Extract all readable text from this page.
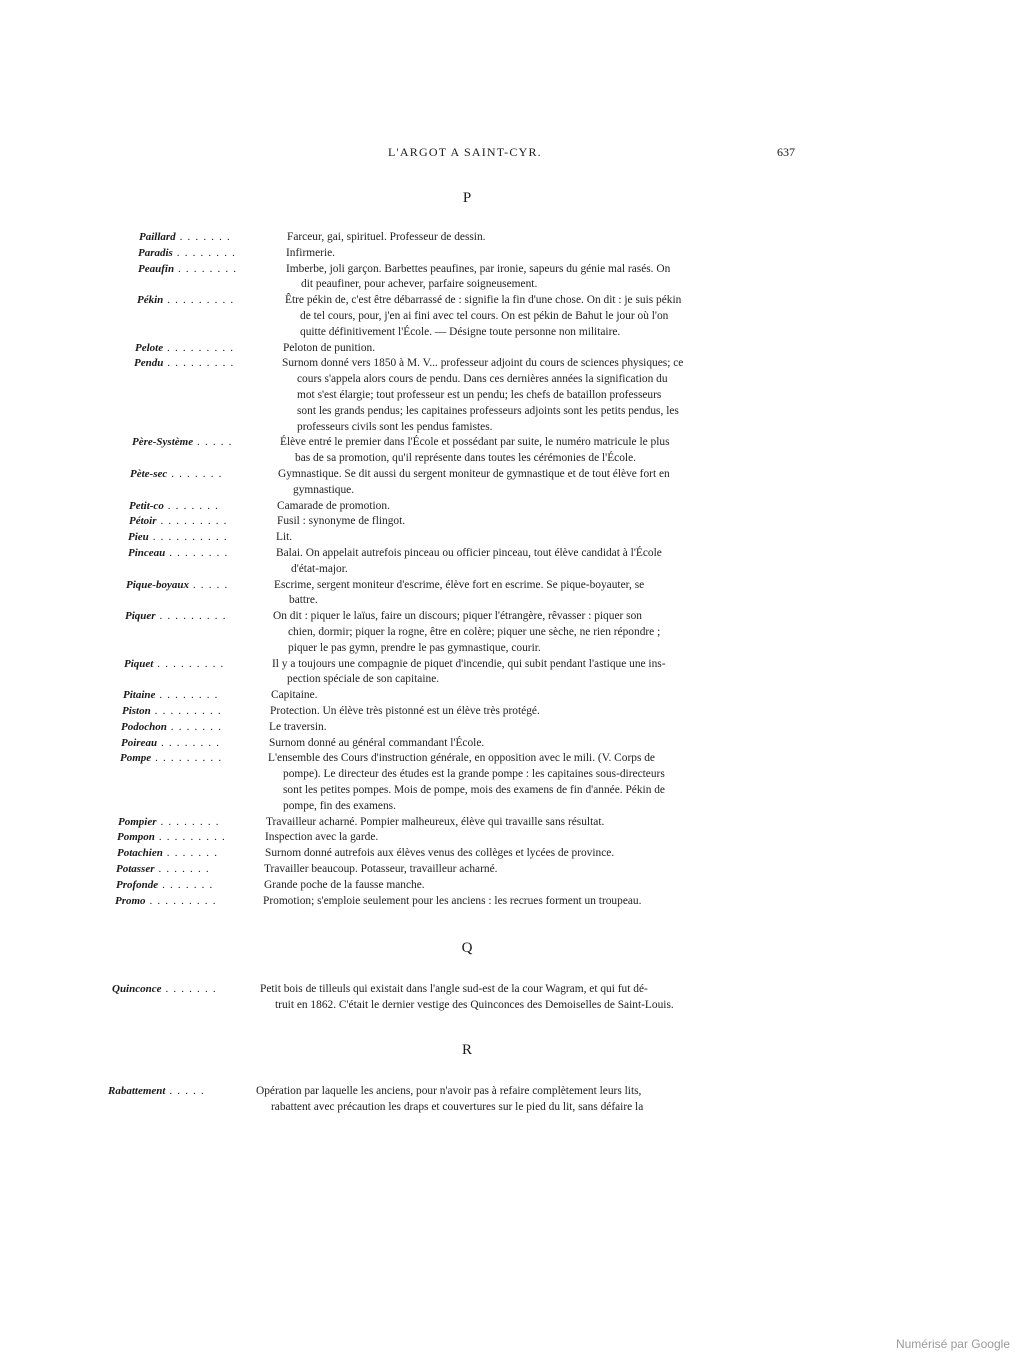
L'ARGOT A SAINT-CYR.	637
P
Paillard . . . . . . .	Farceur, gai, spirituel. Professeur de dessin.
Paradis . . . . . . . .	Infirmerie.
Peaufin . . . . . . . .	Imberbe, joli garçon. Barbettes peaufines, par ironie, sapeurs du génie mal rasés. On
dit peaufiner, pour achever, parfaire soigneusement.
Pékin . . . . . . . . .	Être pékin de, c'est être débarrassé de : signifie la fin d'une chose. On dit : je suis pékin
de tel cours, pour, j'en ai fini avec tel cours. On est pékin de Bahut le jour où l'on
quitte définitivement l'École. — Désigne toute personne non militaire.
Pelote . . . . . . . . .	Peloton de punition.
Pendu . . . . . . . . .	Surnom donné vers 1850 à M. V... professeur adjoint du cours de sciences physiques; ce
cours s'appela alors cours de pendu. Dans ces dernières années la signification du
mot s'est élargie; tout professeur est un pendu; les chefs de bataillon professeurs
sont les grands pendus; les capitaines professeurs adjoints sont les petits pendus, les
professeurs civils sont les pendus famistes.
Père-Système . . . . .	Élève entré le premier dans l'École et possédant par suite, le numéro matricule le plus
bas de sa promotion, qu'il représente dans toutes les cérémonies de l'École.
Pète-sec . . . . . . .	Gymnastique. Se dit aussi du sergent moniteur de gymnastique et de tout élève fort en
gymnastique.
Petit-co . . . . . . .	Camarade de promotion.
Pétoir . . . . . . . . .	Fusil : synonyme de flingot.
Pieu . . . . . . . . . .	Lit.
Pinceau . . . . . . . .	Balai. On appelait autrefois pinceau ou officier pinceau, tout élève candidat à l'École
d'état-major.
Pique-boyaux . . . . .	Escrime, sergent moniteur d'escrime, élève fort en escrime. Se pique-boyauter, se
battre.
Piquer . . . . . . . . .	On dit : piquer le laïus, faire un discours; piquer l'étrangère, rêvasser : piquer son
chien, dormir; piquer la rogne, être en colère; piquer une sèche, ne rien répondre ;
piquer le pas gymn, prendre le pas gymnastique, courir.
Piquet . . . . . . . . .	Il y a toujours une compagnie de piquet d'incendie, qui subit pendant l'astique une ins-
pection spéciale de son capitaine.
Pitaine . . . . . . . .	Capitaine.
Piston . . . . . . . . .	Protection. Un élève très pistonné est un élève très protégé.
Podochon . . . . . . .	Le traversin.
Poireau . . . . . . . .	Surnom donné au général commandant l'École.
Pompe . . . . . . . . .	L'ensemble des Cours d'instruction générale, en opposition avec le mili. (V. Corps de
pompe). Le directeur des études est la grande pompe : les capitaines sous-directeurs
sont les petites pompes. Mois de pompe, mois des examens de fin d'année. Pékin de
pompe, fin des examens.
Pompier . . . . . . . .	Travailleur acharné. Pompier malheureux, élève qui travaille sans résultat.
Pompon . . . . . . . . .	Inspection avec la garde.
Potachien . . . . . . .	Surnom donné autrefois aux élèves venus des collèges et lycées de province.
Potasser . . . . . . .	Travailler beaucoup. Potasseur, travailleur acharné.
Profonde . . . . . . .	Grande poche de la fausse manche.
Promo . . . . . . . . .	Promotion; s'emploie seulement pour les anciens : les recrues forment un troupeau.
Q
Quinconce . . . . . . .	Petit bois de tilleuls qui existait dans l'angle sud-est de la cour Wagram, et qui fut dé-
truit en 1862. C'était le dernier vestige des Quinconces des Demoiselles de Saint-Louis.
R
Rabattement . . . . .	Opération par laquelle les anciens, pour n'avoir pas à refaire complètement leurs lits,
rabattent avec précaution les draps et couvertures sur le pied du lit, sans défaire la
Numérisé par Google
